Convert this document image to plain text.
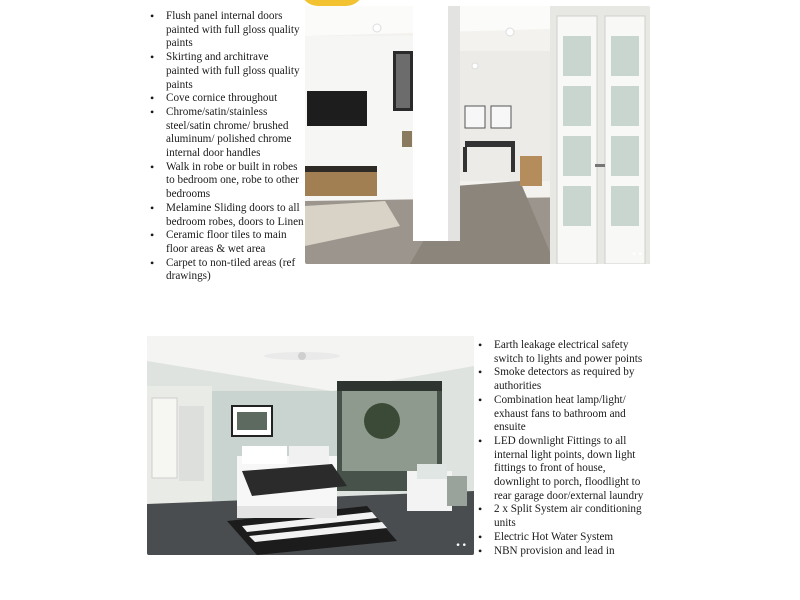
• Flush panel internal doors painted with full gloss quality paints
• Skirting and architrave painted with full gloss quality paints
• Cove cornice throughout
• Chrome/satin/stainless steel/satin chrome/ brushed aluminum/ polished chrome internal door handles
• Walk in robe or built in robes to bedroom one, robe to other bedrooms
• Melamine Sliding doors to all bedroom robes, doors to Linen
• Ceramic floor tiles to main floor areas & wet area
• Carpet to non-tiled areas (ref drawings)
••
••
• Earth leakage electrical safety switch to lights and power points
• Smoke detectors as required by authorities
• Combination heat lamp/light/ exhaust fans to bathroom and ensuite
• LED downlight Fittings to all internal light points, down light fittings to front of house, downlight to porch, floodlight to rear garage door/external laundry
• 2 x Split System air conditioning units
• Electric Hot Water System
• NBN provision and lead in
